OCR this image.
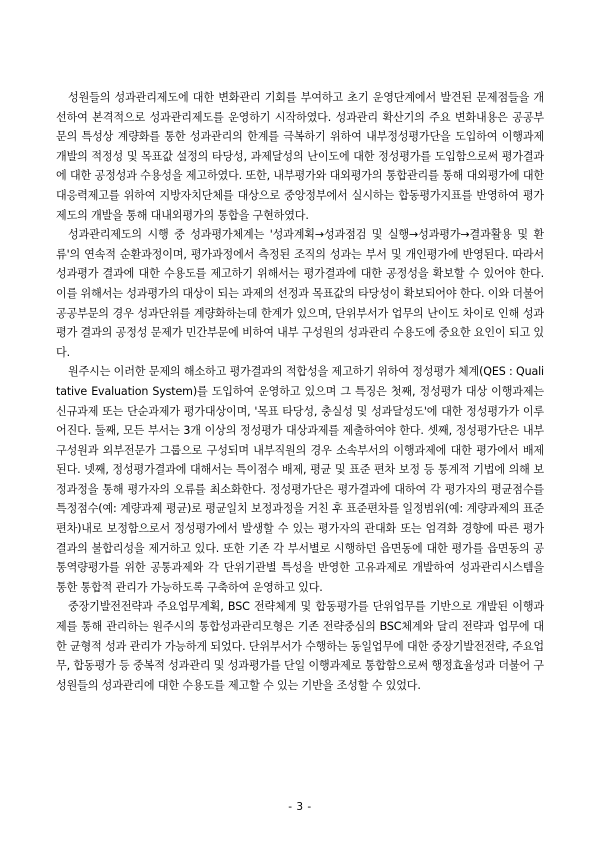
성원들의 성과관리제도에 대한 변화관리 기회를 부여하고 초기 운영단계에서 발견된 문제점들을 개선하여 본격적으로 성과관리제도를 운영하기 시작하였다. 성과관리 확산기의 주요 변화내용은 공공부문의 특성상 계량화를 통한 성과관리의 한계를 극복하기 위하여 내부정성평가단을 도입하여 이행과제 개발의 적정성 및 목표값 설정의 타당성, 과제달성의 난이도에 대한 정성평가를 도입함으로써 평가결과에 대한 공정성과 수용성을 제고하였다. 또한, 내부평가와 대외평가의 통합관리를 통해 대외평가에 대한 대응력제고를 위하여 지방자치단체를 대상으로 중앙정부에서 실시하는 합동평가지표를 반영하여 평가제도의 개발을 통해 대내외평가의 통합을 구현하였다.

성과관리제도의 시행 중 성과평가체계는 '성과계획→성과점검 및 실행→성과평가→결과활용 및 환류'의 연속적 순환과정이며, 평가과정에서 측정된 조직의 성과는 부서 및 개인평가에 반영된다. 따라서 성과평가 결과에 대한 수용도를 제고하기 위해서는 평가결과에 대한 공정성을 확보할 수 있어야 한다. 이를 위해서는 성과평가의 대상이 되는 과제의 선정과 목표값의 타당성이 확보되어야 한다. 이와 더불어 공공부문의 경우 성과단위를 계량화하는데 한계가 있으며, 단위부서가 업무의 난이도 차이로 인해 성과평가 결과의 공정성 문제가 민간부문에 비하여 내부 구성원의 성과관리 수용도에 중요한 요인이 되고 있다.

원주시는 이러한 문제의 해소하고 평가결과의 적합성을 제고하기 위하여 정성평가 체계(QES : Qualitative Evaluation System)를 도입하여 운영하고 있으며 그 특징은 첫째, 정성평가 대상 이행과제는 신규과제 또는 단순과제가 평가대상이며, '목표 타당성, 충실성 및 성과달성도'에 대한 정성평가가 이루어진다. 둘째, 모든 부서는 3개 이상의 정성평가 대상과제를 제출하여야 한다. 셋째, 정성평가단은 내부구성원과 외부전문가 그룹으로 구성되며 내부직원의 경우 소속부서의 이행과제에 대한 평가에서 배제된다. 넷째, 정성평가결과에 대해서는 특이점수 배제, 평균 및 표준 편차 보정 등 통계적 기법에 의해 보정과정을 통해 평가자의 오류를 최소화한다. 정성평가단은 평가결과에 대하여 각 평가자의 평균점수를 특정점수(예: 계량과제 평균)로 평균일치 보정과정을 거친 후 표준편차를 일정범위(예: 계량과제의 표준편차)내로 보정함으로서 정성평가에서 발생할 수 있는 평가자의 관대화 또는 엄격화 경향에 따른 평가결과의 불합리성을 제거하고 있다. 또한 기존 각 부서별로 시행하던 읍면동에 대한 평가를 읍면동의 공통역량평가를 위한 공통과제와 각 단위기관별 특성을 반영한 고유과제로 개발하여 성과관리시스템을 통한 통합적 관리가 가능하도록 구축하여 운영하고 있다.

중장기발전전략과 주요업무계획, BSC 전략체계 및 합동평가를 단위업무를 기반으로 개발된 이행과제를 통해 관리하는 원주시의 통합성과관리모형은 기존 전략중심의 BSC체계와 달리 전략과 업무에 대한 균형적 성과 관리가 가능하게 되었다. 단위부서가 수행하는 동일업무에 대한 중장기발전전략, 주요업무, 합동평가 등 중복적 성과관리 및 성과평가를 단일 이행과제로 통합함으로써 행정효율성과 더불어 구성원들의 성과관리에 대한 수용도를 제고할 수 있는 기반을 조성할 수 있었다.

- 3 -
